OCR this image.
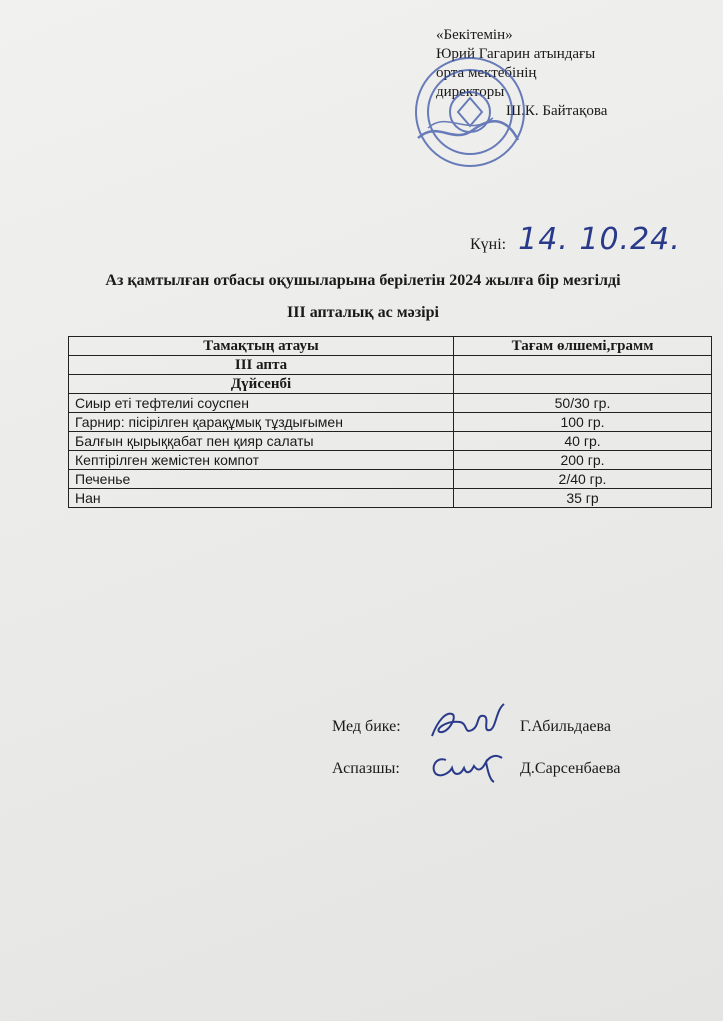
«Бекітемін»
Юрий Гагарин атындағы
орта мектебінің
директоры
Ш.К. Байтақова
Күні: 14. 10.24.
Аз қамтылған отбасы оқушыларына берілетін 2024 жылға бір мезгілді
III апталық ас мәзірі
Тамақтың атауы	Тағам өлшемі,грамм
III апта	
Дүйсенбі	
Сиыр еті тефтелиі соуспен	50/30 гр.
Гарнир: пісірілген қарақұмық тұздығымен	100 гр.
Балғын қырыққабат пен қияр салаты	40 гр.
Кептірілген жемістен компот	200 гр.
Печенье	2/40 гр.
Нан	35 гр
Мед бике:	Г.Абильдаева
Аспазшы:	Д.Сарсенбаева
